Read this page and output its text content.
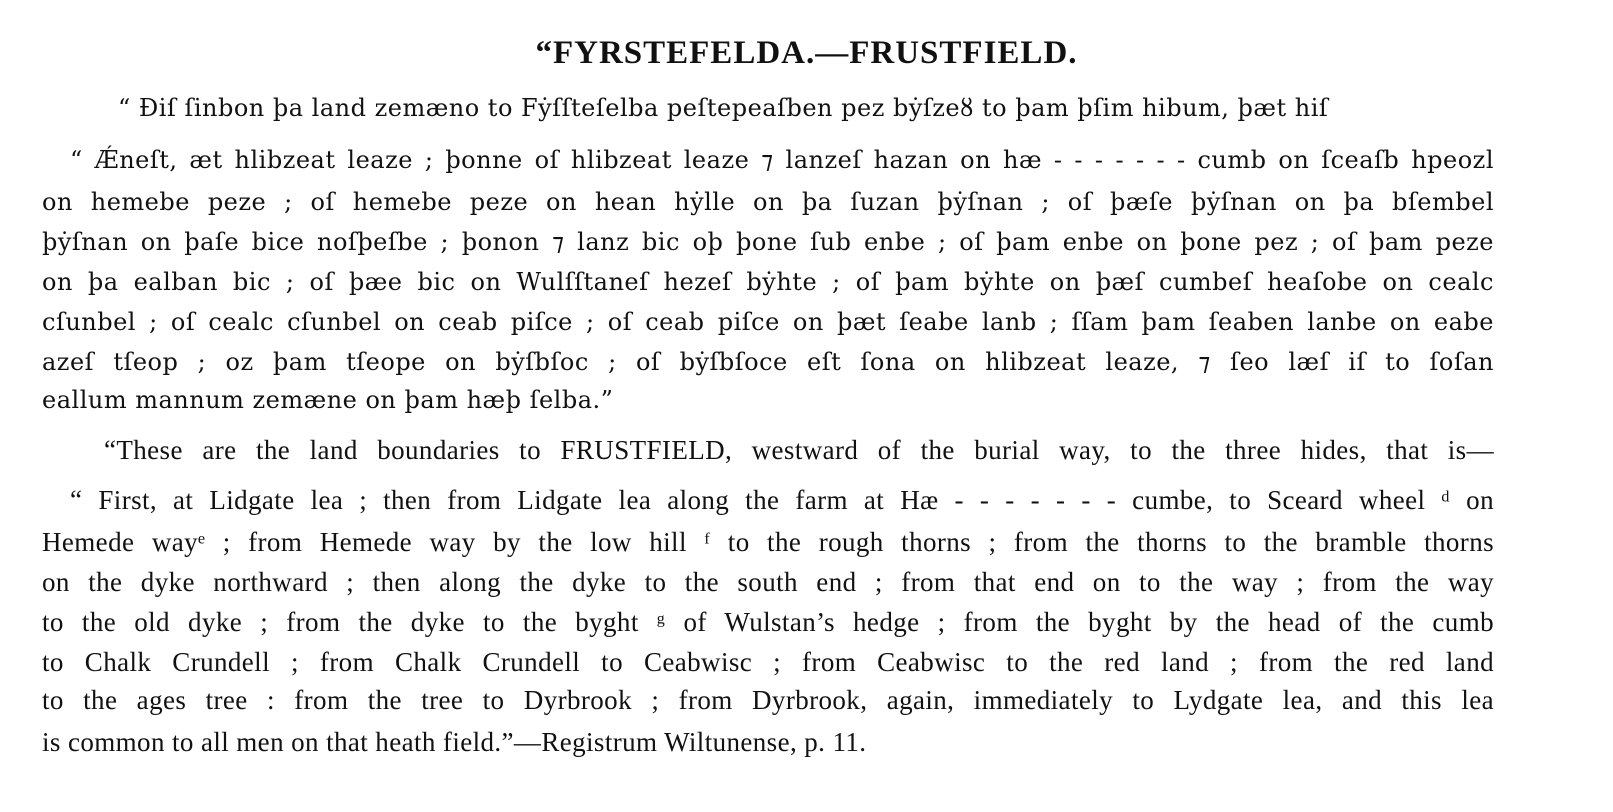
“FYRSTEFELDA.—FRUSTFIELD.
“ Ðiſ ſinbon þa land zemæno to Fẏſſteſelba peſtepeaſben pez bẏſzeȣ to þam þſim hibum, þæt hiſ
“ Ǽneſt, æt hlibzeat leaze ; þonne oſ hlibzeat leaze ⁊ lanzeſ hazan on hæ - - - - - - - cumb on ſceaſb hpeozl
on hemebe peze ; oſ hemebe peze on hean hẏlle on þa ſuzan þẏſnan ; oſ þæſe þẏſnan on þa bſembel
þẏſnan on þaſe bice noſþeſbe ; þonon ⁊ lanz bic oþ þone ſub enbe ; oſ þam enbe on þone pez ; oſ þam peze
on þa ealban bic ; oſ þæe bic on Wulſſtaneſ hezeſ bẏhte ; oſ þam bẏhte on þæſ cumbeſ heaſobe on cealc
cſunbel ; oſ cealc cſunbel on ceab piſce ; oſ ceab piſce on þæt ſeabe lanb ; ſſam þam ſeaben lanbe on eabe
azeſ tſeop ; oz þam tſeope on bẏſbſoc ; oſ bẏſbſoce eſt ſona on hlibzeat leaze, ⁊ ſeo læſ iſ to ſoſan
eallum mannum zemæne on þam hæþ ſelba.”
“These are the land boundaries to FRUSTFIELD, westward of the burial way, to the three hides, that is—
“ First, at Lidgate lea ; then from Lidgate lea along the farm at Hæ - - - - - - - cumbe, to Sceard wheel ᵈ on
Hemede wayᵉ ; from Hemede way by the low hill ᶠ to the rough thorns ; from the thorns to the bramble thorns
on the dyke northward ; then along the dyke to the south end ; from that end on to the way ; from the way
to the old dyke ; from the dyke to the byght ᵍ of Wulstan’s hedge ; from the byght by the head of the cumb
to Chalk Crundell ; from Chalk Crundell to Ceabwisc ; from Ceabwisc to the red land ; from the red land
to the ages tree : from the tree to Dyrbrook ; from Dyrbrook, again, immediately to Lydgate lea, and this lea
is common to all men on that heath field.”—Registrum Wiltunense, p. 11.
